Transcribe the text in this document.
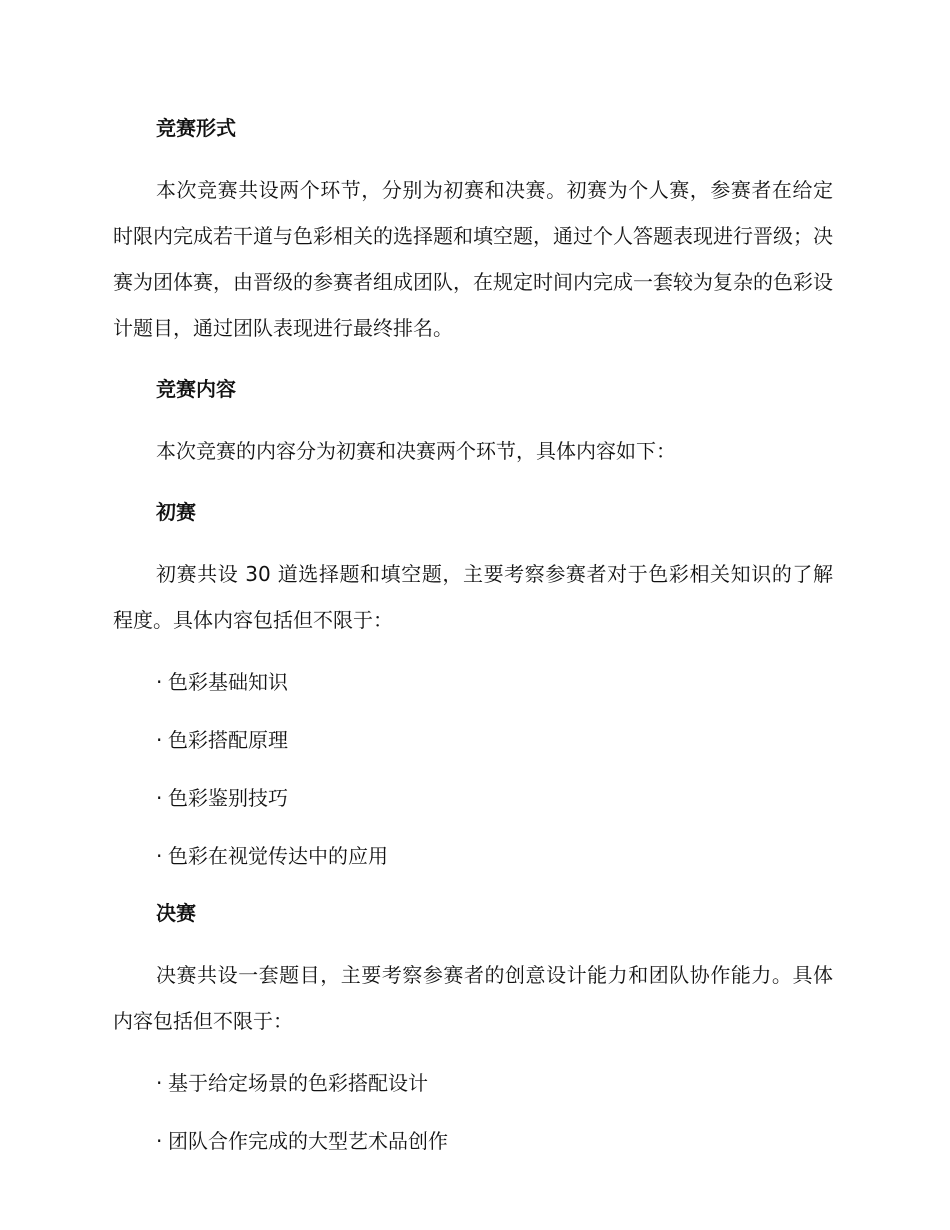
竞赛形式

本次竞赛共设两个环节，分别为初赛和决赛。初赛为个人赛，参赛者在给定时限内完成若干道与色彩相关的选择题和填空题，通过个人答题表现进行晋级；决赛为团体赛，由晋级的参赛者组成团队，在规定时间内完成一套较为复杂的色彩设计题目，通过团队表现进行最终排名。

竞赛内容

本次竞赛的内容分为初赛和决赛两个环节，具体内容如下：

初赛

初赛共设 30 道选择题和填空题，主要考察参赛者对于色彩相关知识的了解程度。具体内容包括但不限于：

· 色彩基础知识
· 色彩搭配原理
· 色彩鉴别技巧
· 色彩在视觉传达中的应用
决赛

决赛共设一套题目，主要考察参赛者的创意设计能力和团队协作能力。具体内容包括但不限于：

· 基于给定场景的色彩搭配设计
· 团队合作完成的大型艺术品创作
